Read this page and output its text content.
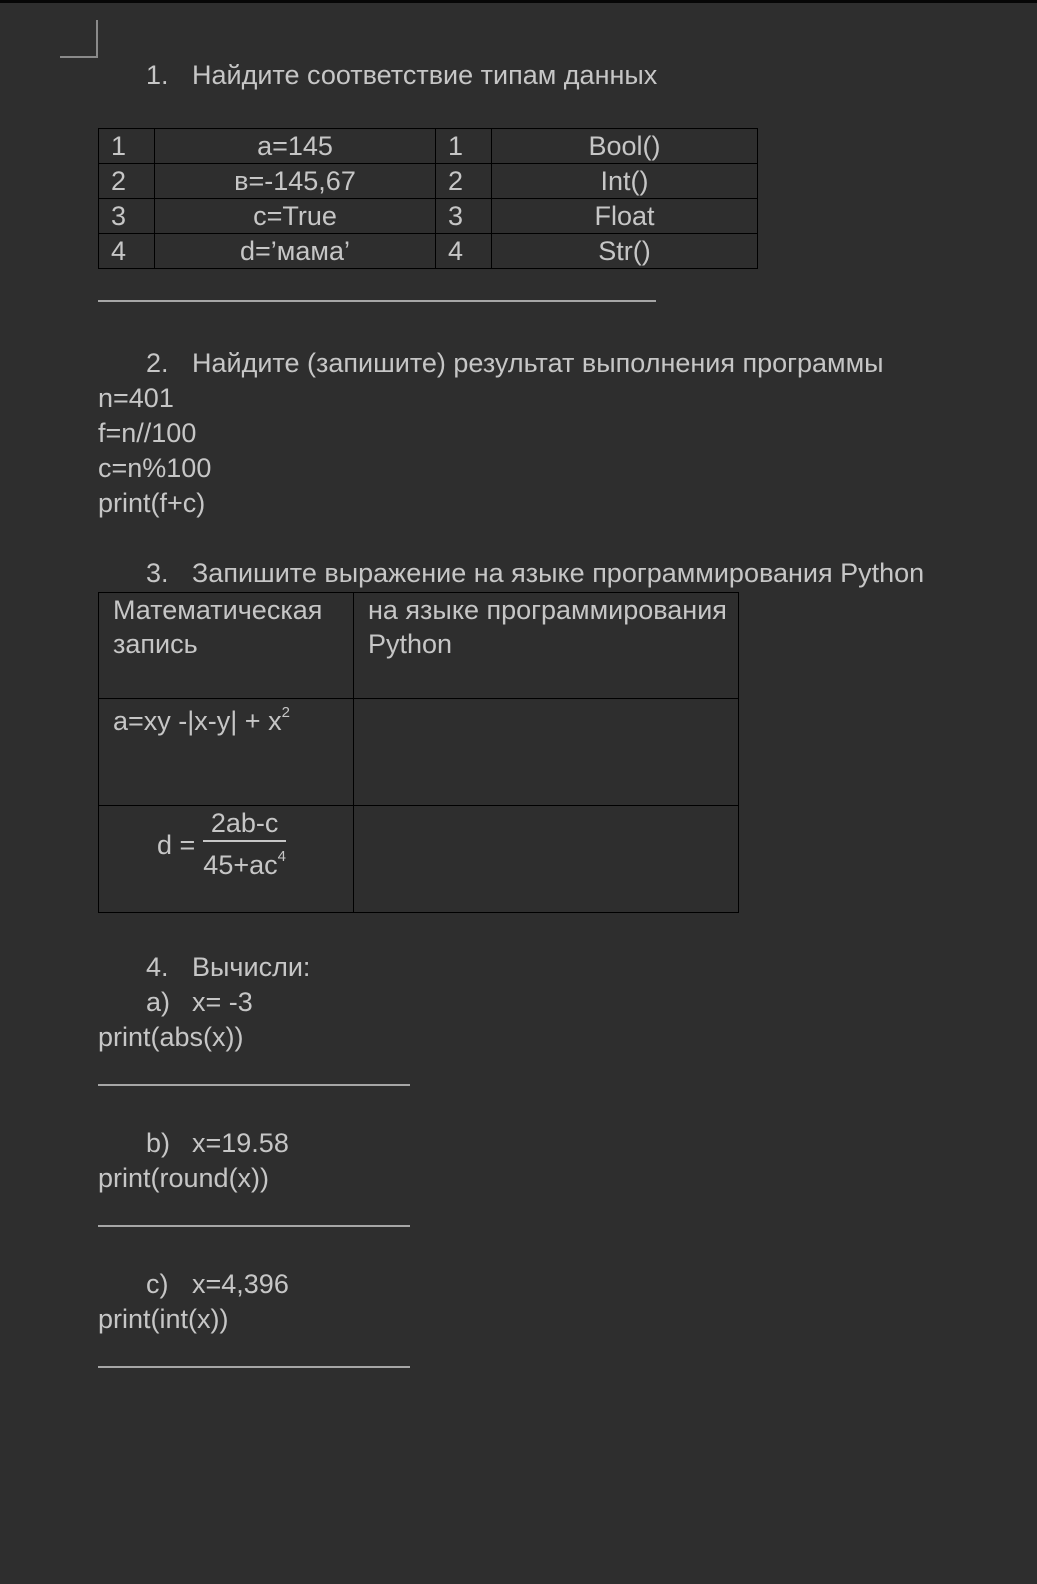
1. Найдите соответствие типам данных
1	a=145	1	Bool()
2	в=-145,67	2	Int()
3	c=True	3	Float
4	d=’мама’	4	Str()
2. Найдите (запишите) результат выполнения программы
n=401
f=n//100
c=n%100
print(f+c)
3. Запишите выражение на языке программирования Python
Математическая запись	на языке программирования Python
a=xy $-|x-y| + x^2$	

$d = \frac{2ab-c}{45+ac^4}$

4. Вычисли:
a) x= -3
print(abs(x))
b) x=19.58
print(round(x))
c) x=4,396
print(int(x))
